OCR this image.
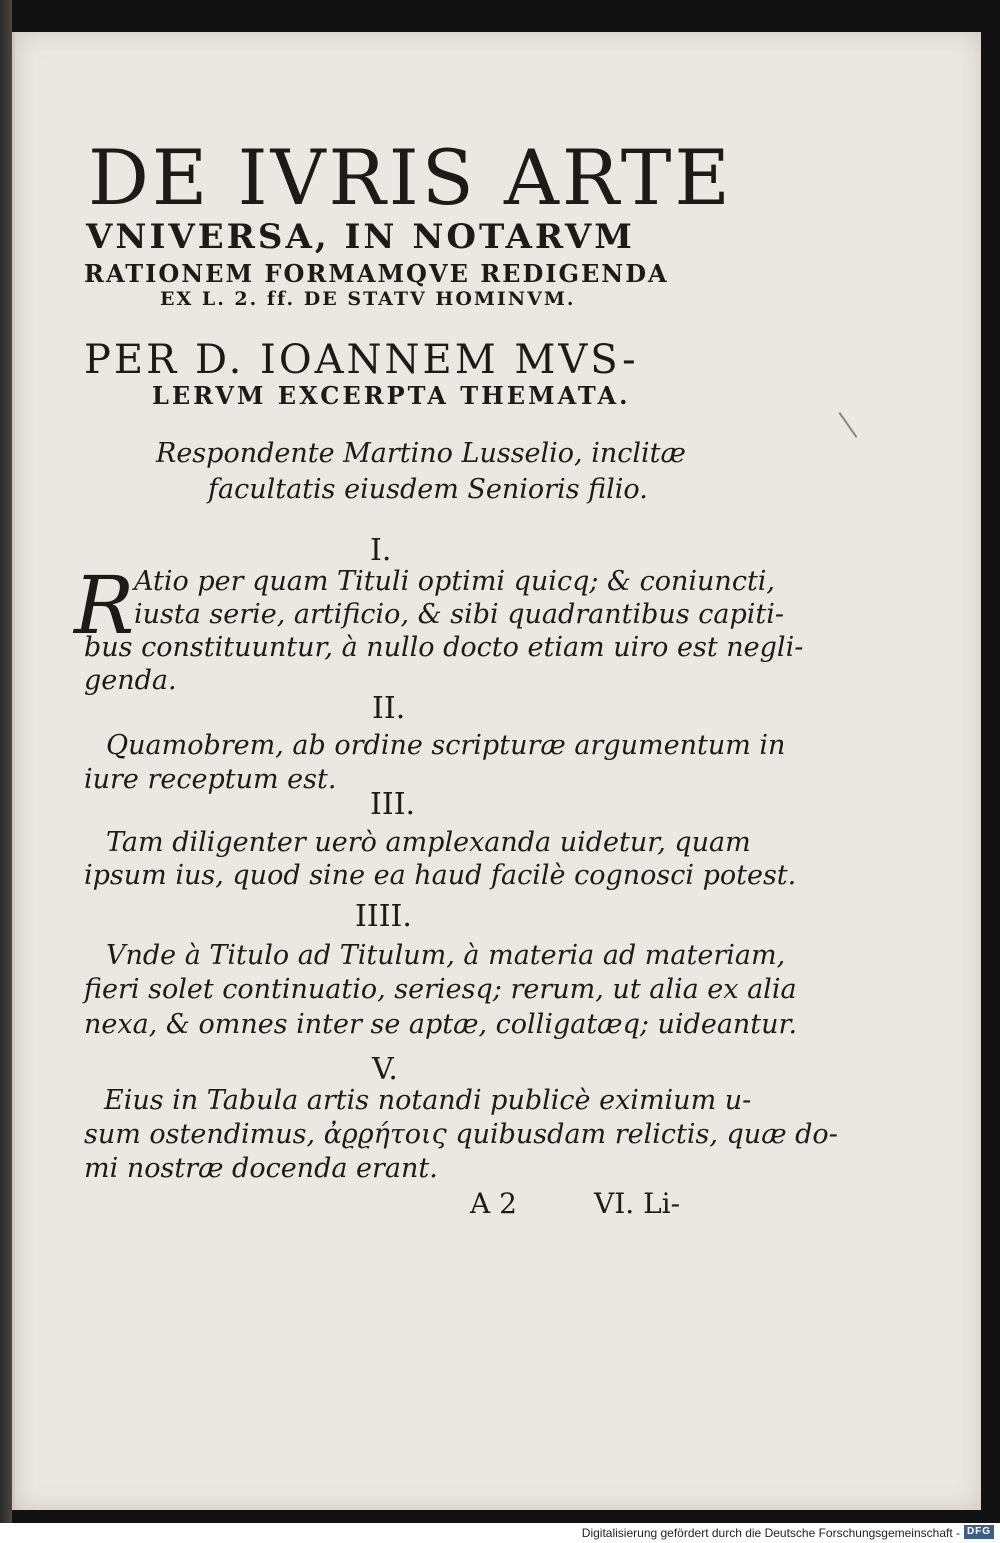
DE IVRIS ARTE
VNIVERSA, IN NOTARVM
RATIONEM FORMAMQVE REDIGENDA
EX L. 2. ff. DE STATV HOMINVM.
PER D. IOANNEM MVS-
LERVM EXCERPTA THEMATA.
Respondente Martino Lusselio, inclitæ
facultatis eiusdem Senioris filio.
I.
R Atio per quam Tituli optimi quicq; & coniuncti,
iusta serie, artificio, & sibi quadrantibus capiti-
bus constituuntur, à nullo docto etiam uiro est negli-
genda.
II.
Quamobrem, ab ordine scripturæ argumentum in
iure receptum est.
III.
Tam diligenter uerò amplexanda uidetur, quam
ipsum ius, quod sine ea haud facilè cognosci potest.
IIII.
Vnde à Titulo ad Titulum, à materia ad materiam,
fieri solet continuatio, seriesq; rerum, ut alia ex alia
nexa, & omnes inter se aptæ, colligatæq; uideantur.
V.
Eius in Tabula artis notandi publicè eximium u-
sum ostendimus, ἀϱϱήτοις quibusdam relictis, quæ do-
mi nostræ docenda erant.
A 2	VI. Li-
Digitalisierung gefördert durch die Deutsche Forschungsgemeinschaft - DFG
